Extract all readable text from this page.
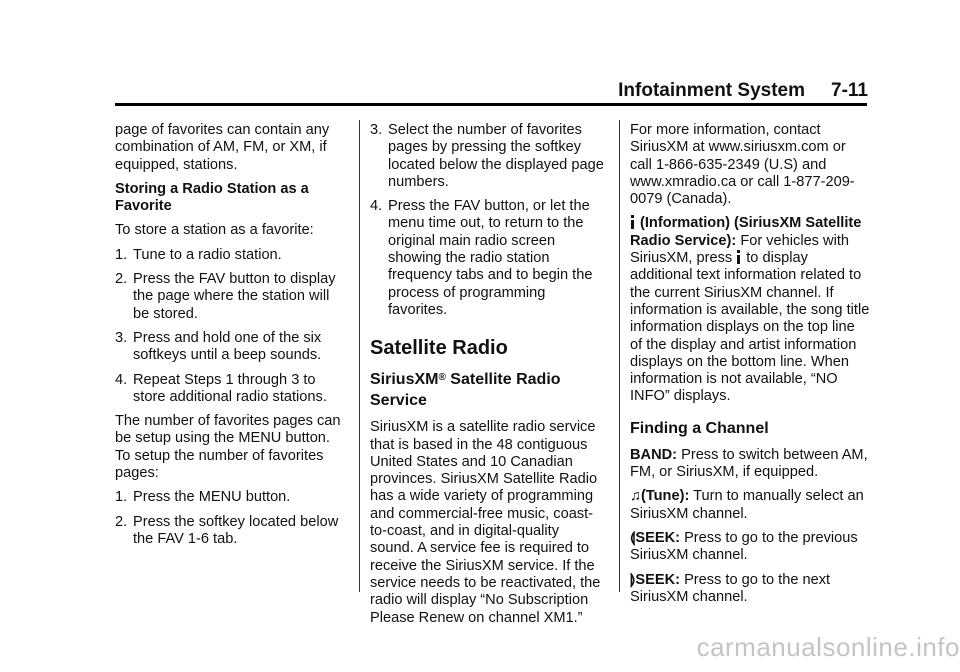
Infotainment System 7-11

page of favorites can contain any combination of AM, FM, or XM, if equipped, stations.

Storing a Radio Station as a Favorite

To store a station as a favorite:

1. Tune to a radio station.
2. Press the FAV button to display the page where the station will be stored.
3. Press and hold one of the six softkeys until a beep sounds.
4. Repeat Steps 1 through 3 to store additional radio stations.

The number of favorites pages can be setup using the MENU button. To setup the number of favorites pages:

1. Press the MENU button.
2. Press the softkey located below the FAV 1-6 tab.
3. Select the number of favorites pages by pressing the softkey located below the displayed page numbers.
4. Press the FAV button, or let the menu time out, to return to the original main radio screen showing the radio station frequency tabs and to begin the process of programming favorites.
Satellite Radio
SiriusXM® Satellite Radio Service

SiriusXM is a satellite radio service that is based in the 48 contiguous United States and 10 Canadian provinces. SiriusXM Satellite Radio has a wide variety of programming and commercial-free music, coast-to-coast, and in digital-quality sound. A service fee is required to receive the SiriusXM service. If the service needs to be reactivated, the radio will display “No Subscription Please Renew on channel XM1.”

For more information, contact SiriusXM at www.siriusxm.com or call 1-866-635-2349 (U.S) and www.xmradio.ca or call 1-877-209-0079 (Canada).

(Information) (SiriusXM Satellite Radio Service): For vehicles with SiriusXM, press to display additional text information related to the current SiriusXM channel. If information is available, the song title information displays on the top line of the display and artist information displays on the bottom line. When information is not available, “NO INFO” displays.

Finding a Channel

BAND: Press to switch between AM, FM, or SiriusXM, if equipped.

♫(Tune): Turn to manually select an SiriusXM channel.

⟬SEEK: Press to go to the previous SiriusXM channel.

⟭SEEK: Press to go to the next SiriusXM channel.

carmanualsonline.info
